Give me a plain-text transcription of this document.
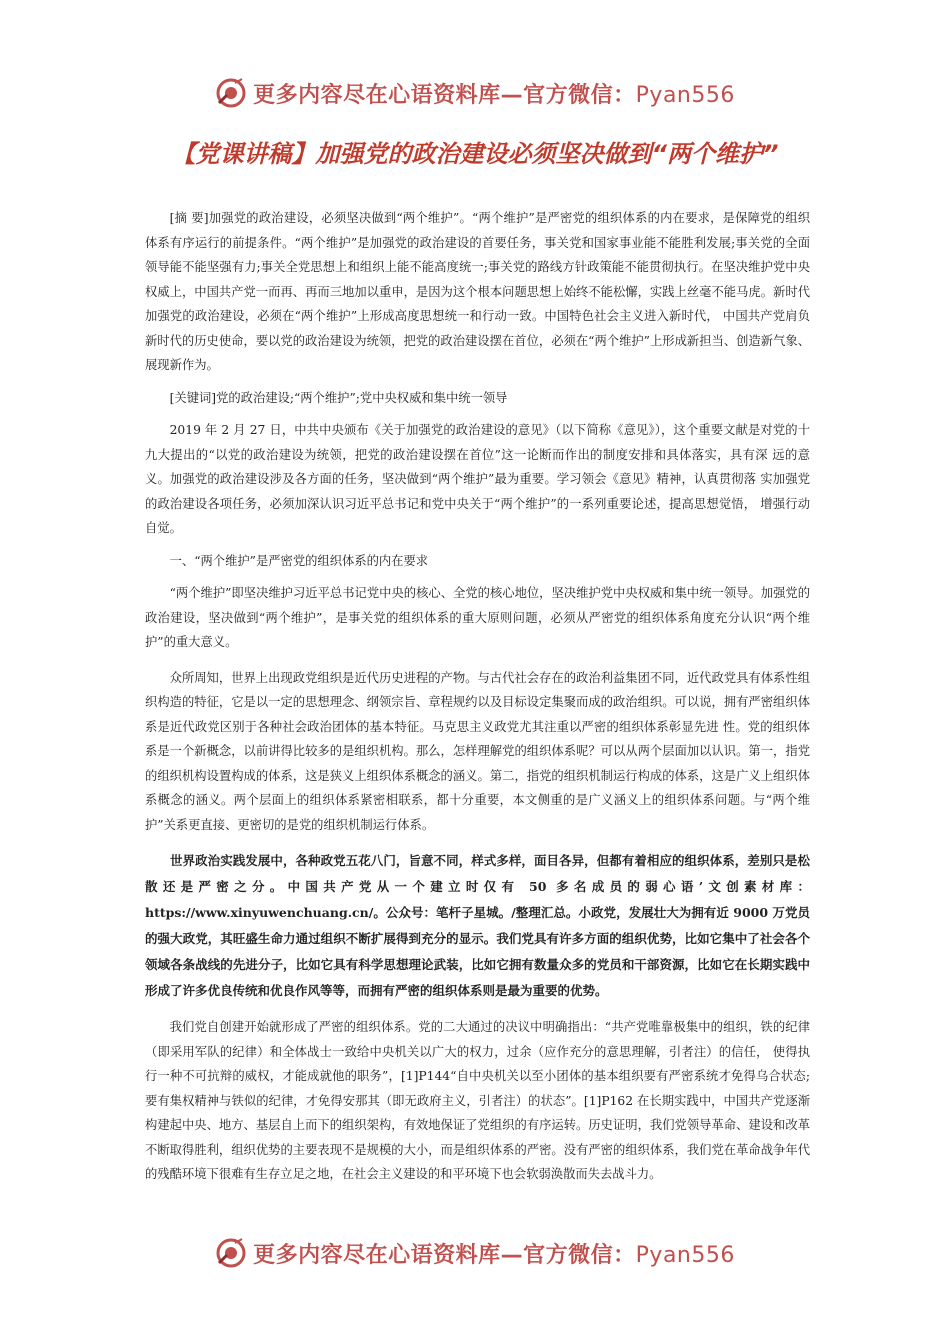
更多内容尽在心语资料库—官方微信：Pyan556
【党课讲稿】加强党的政治建设必须坚决做到“两个维护”

[摘 要]加强党的政治建设，必须坚决做到“两个维护”。“两个维护”是严密党的组织体系的内在要求，是保障党的组织体系有序运行的前提条件。“两个维护”是加强党的政治建设的首要任务，事关党和国家事业能不能胜利发展;事关党的全面领导能不能坚强有力;事关全党思想上和组织上能不能高度统一;事关党的路线方针政策能不能贯彻执行。在坚决维护党中央权威上，中国共产党一而再、再而三地加以重申，是因为这个根本问题思想上始终不能松懈，实践上丝毫不能马虎。新时代加强党的政治建设，必须在“两个维护”上形成高度思想统一和行动一致。中国特色社会主义进入新时代， 中国共产党肩负新时代的历史使命，要以党的政治建设为统领，把党的政治建设摆在首位，必须在“两个维护”上形成新担当、创造新气象、展现新作为。

[关键词]党的政治建设;“两个维护”;党中央权威和集中统一领导

2019 年 2 月 27 日，中共中央颁布《关于加强党的政治建设的意见》（以下简称《意见》），这个重要文献是对党的十九大提出的“以党的政治建设为统领，把党的政治建设摆在首位”这一论断而作出的制度安排和具体落实，具有深 远的意义。加强党的政治建设涉及各方面的任务，坚决做到“两个维护”最为重要。学习领会《意见》精神，认真贯彻落 实加强党的政治建设各项任务，必须加深认识习近平总书记和党中央关于“两个维护”的一系列重要论述，提高思想觉悟， 增强行动自觉。

一、“两个维护”是严密党的组织体系的内在要求

“两个维护”即坚决维护习近平总书记党中央的核心、全党的核心地位，坚决维护党中央权威和集中统一领导。加强党的政治建设，坚决做到“两个维护”，是事关党的组织体系的重大原则问题，必须从严密党的组织体系角度充分认识“两个维护”的重大意义。

众所周知，世界上出现政党组织是近代历史进程的产物。与古代社会存在的政治利益集团不同，近代政党具有体系性组织构造的特征，它是以一定的思想理念、纲领宗旨、章程规约以及目标设定集聚而成的政治组织。可以说，拥有严密组织体系是近代政党区别于各种社会政治团体的基本特征。马克思主义政党尤其注重以严密的组织体系彰显先进 性。党的组织体系是一个新概念，以前讲得比较多的是组织机构。那么，怎样理解党的组织体系呢？可以从两个层面加以认识。第一，指党的组织机构设置构成的体系，这是狭义上组织体系概念的涵义。第二，指党的组织机制运行构成的体系，这是广义上组织体系概念的涵义。两个层面上的组织体系紧密相联系，都十分重要，本文侧重的是广义涵义上的组织体系问题。与“两个维护”关系更直接、更密切的是党的组织机制运行体系。

世界政治实践发展中，各种政党五花八门，旨意不同，样式多样，面目各异，但都有着相应的组织体系，差别只是松散还是严密之分。中国共产党从一个建立时仅有 50 多名成员的弱心语’文创素材库：https://www.xinyuwenchuang.cn/。公众号：笔杆子星城。/整理汇总。小政党，发展壮大为拥有近 9000 万党员的强大政党，其旺盛生命力通过组织不断扩展得到充分的显示。我们党具有许多方面的组织优势，比如它集中了社会各个领域各条战线的先进分子，比如它具有科学思想理论武装，比如它拥有数量众多的党员和干部资源，比如它在长期实践中形成了许多优良传统和优良作风等等，而拥有严密的组织体系则是最为重要的优势。

我们党自创建开始就形成了严密的组织体系。党的二大通过的决议中明确指出：“共产党唯靠极集中的组织，铁的纪律（即采用军队的纪律）和全体战士一致给中央机关以广大的权力，过余（应作充分的意思理解，引者注）的信任， 使得执行一种不可抗辩的威权，才能成就他的职务”，[1]P144“自中央机关以至小团体的基本组织要有严密系统才免得乌合状态;要有集权精神与铁似的纪律，才免得安那其（即无政府主义，引者注）的状态”。[1]P162 在长期实践中，中国共产党逐渐构建起中央、地方、基层自上而下的组织架构，有效地保证了党组织的有序运转。历史证明，我们党领导革命、建设和改革不断取得胜利，组织优势的主要表现不是规模的大小，而是组织体系的严密。没有严密的组织体系，我们党在革命战争年代的残酷环境下很难有生存立足之地，在社会主义建设的和平环境下也会软弱涣散而失去战斗力。

更多内容尽在心语资料库—官方微信：Pyan556
